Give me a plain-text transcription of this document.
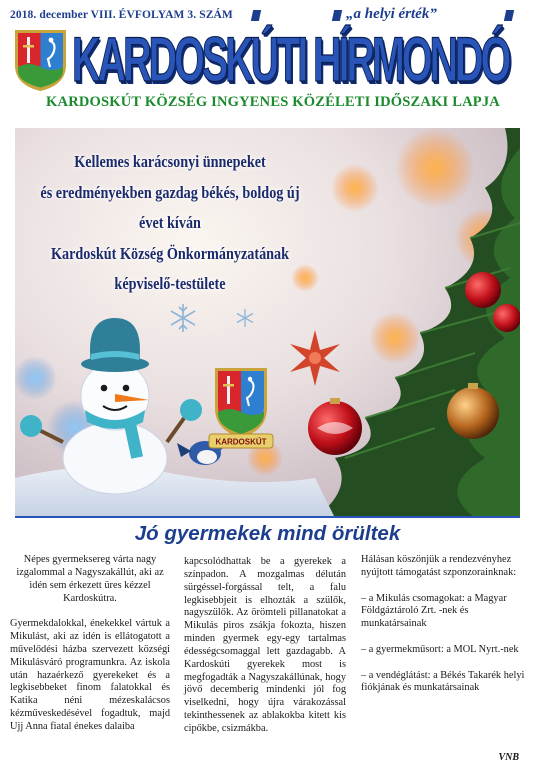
2018. december VIII. ÉVFOLYAM 3. SZÁM	„a helyi érték”
KARDOSKÚTI HÍRMONDÓ
KARDOSKÚT KÖZSÉG INGYENES KÖZÉLETI IDŐSZAKI LAPJA
KARDOSKÚT
Kellemes karácsonyi ünnepeket
és eredményekben gazdag békés, boldog új évet kíván
Kardoskút Község Önkormányzatának
képviselő-testülete
Jó gyermekek mind örültek

Népes gyermeksereg várta nagy izgalommal a Nagyszakállút, aki az idén sem érkezett üres kézzel Kardoskútra.

Gyermekdalokkal, énekekkel vártuk a Mikulást, aki az idén is ellátogatott a művelődési házba szervezett községi Mikulásváró programunkra. Az iskola után hazaérkező gyerekeket és a legkisebbeket finom falatokkal és Katika néni mézeskalácsos kézműveskedésével fogadtuk, majd Ujj Anna fiatal énekes dalaiba

kapcsolódhattak be a gyerekek a színpadon. A mozgalmas délután sürgéssel-forgással telt, a falu legkisebbjeit is elhozták a szülők, nagyszülők. Az örömteli pillanatokat a Mikulás piros zsákja fokozta, hiszen minden gyermek egy-egy tartalmas édességcsomaggal lett gazdagabb. A Kardoskúti gyerekek most is megfogadták a Nagyszakállúnak, hogy jövő decemberig mindenki jól fog viselkedni, hogy újra várakozással tekinthessenek az ablakokba kitett kis cipőkbe, csizmákba.

Hálásan köszönjük a rendezvényhez nyújtott támogatást szponzorainknak:

– a Mikulás csomagokat: a Magyar Földgáztároló Zrt. -nek és munkatársainak

– a gyermekműsort: a MOL Nyrt.-nek

– a vendéglátást: a Békés Takarék helyi fiókjának és munkatársainak

VNB
